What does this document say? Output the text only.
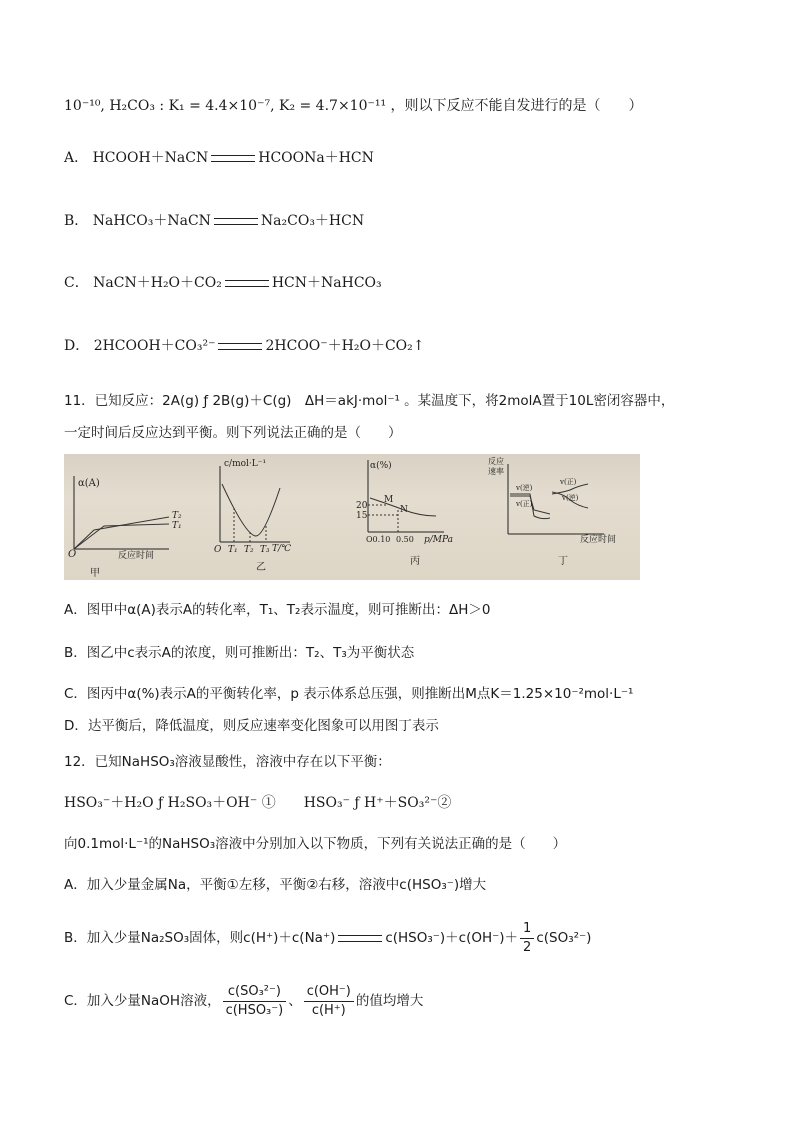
10⁻¹⁰, H₂CO₃ : K₁ = 4.4×10⁻⁷, K₂ = 4.7×10⁻¹¹ ，则以下反应不能自发进行的是（　　）
A． HCOOH＋NaCN	HCOONa＋HCN
B． NaHCO₃＋NaCN	Na₂CO₃＋HCN
C． NaCN＋H₂O＋CO₂	HCN＋NaHCO₃
D． 2HCOOH＋CO₃²⁻	2HCOO⁻＋H₂O＋CO₂↑
11．已知反应：2A(g) ƒ 2B(g)＋C(g)　ΔH＝akJ·mol⁻¹ 。某温度下，将2molA置于10L密闭容器中，
一定时间后反应达到平衡。则下列说法正确的是（　　）
α(A)
反应时间
O
T₂
T₁
甲
c/mol·L⁻¹
T/℃
O T₁ T₂ T₃
乙
α(%)
20
15
M
N
O0.10 0.50 p/MPa
丙
反应
速率
v(逆)
v(正)
v(正)
v(逆)
反应时间
丁
A．图甲中α(A)表示A的转化率，T₁、T₂表示温度，则可推断出：ΔH＞0
B．图乙中c表示A的浓度，则可推断出：T₂、T₃为平衡状态
C．图丙中α(%)表示A的平衡转化率，p 表示体系总压强，则推断出M点K＝1.25×10⁻²mol·L⁻¹
D．达平衡后，降低温度，则反应速率变化图象可以用图丁表示
12．已知NaHSO₃溶液显酸性，溶液中存在以下平衡：
HSO₃⁻＋H₂O ƒ H₂SO₃＋OH⁻ ①　　HSO₃⁻ ƒ H⁺＋SO₃²⁻②
向0.1mol·L⁻¹的NaHSO₃溶液中分别加入以下物质，下列有关说法正确的是（　　）
A．加入少量金属Na，平衡①左移，平衡②右移，溶液中c(HSO₃⁻)增大
B．加入少量Na₂SO₃固体，则c(H⁺)＋c(Na⁺)	$c(HSO_3^-)+c(OH^-)+ \frac{1}{2} c(SO_3^{2-})$
C．加入少量NaOH溶液， $\frac{\text{c(SO₃²⁻)}}{\text{c(HSO₃⁻)}}$ 、 $\frac{c(OH^-)}{c(H^+)}$ 的值均增大
